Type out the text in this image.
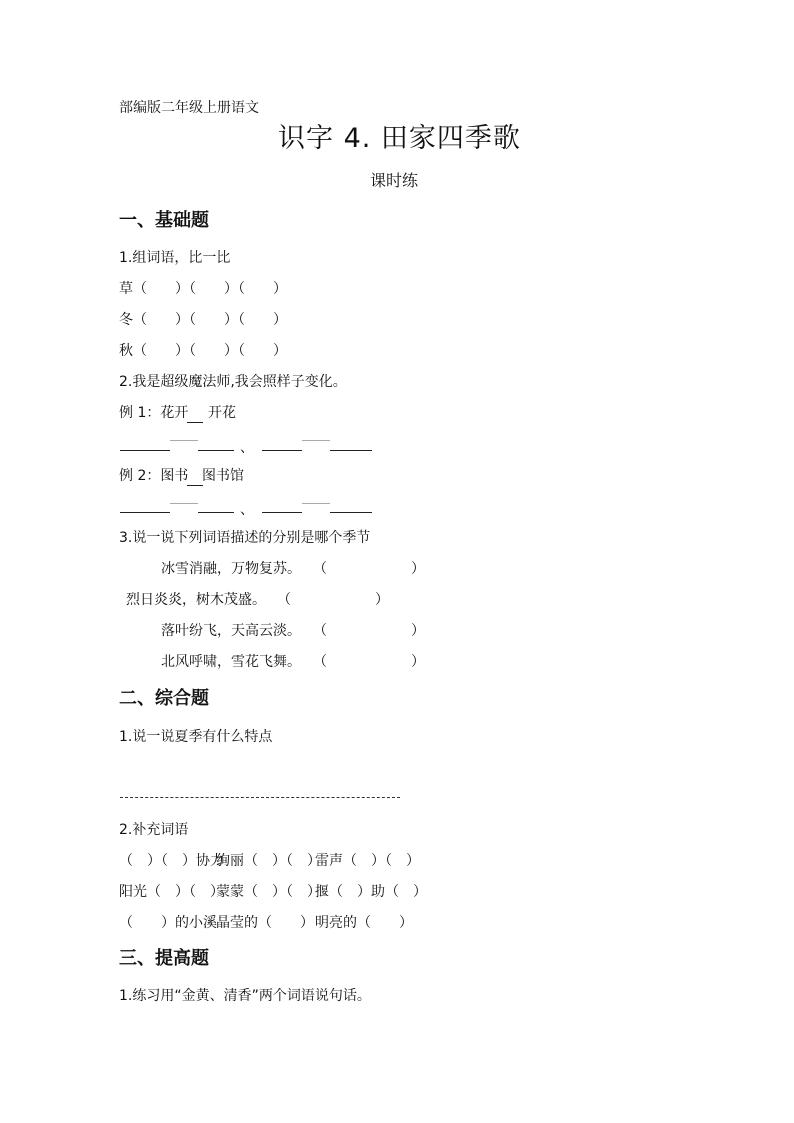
部编版二年级上册语文
识字 4. 田家四季歌
课时练
一、基础题
1.组词语，比一比
草（　　）（　　）（　　）
冬（　　）（　　）（　　）
秋（　　）（　　）（　　）
2.我是超级魔法师,我会照样子变化。
例 1：花开 开花
、
例 2：图书 图书馆
、
3.说一说下列词语描述的分别是哪个季节
冰雪消融，万物复苏。 （　　　　　　）
烈日炎炎，树木茂盛。 （　　　　　　）
落叶纷飞，天高云淡。 （　　　　　　）
北风呼啸，雪花飞舞。 （　　　　　　）
二、综合题
1.说一说夏季有什么特点
2.补充词语
（　）（　）协力
绚丽（　）（　）
雷声（　）（　）
阳光（　）（　）
蒙蒙（　）（　）
揠（　）助（　）
（　　）的小溪 晶莹的（　　） 明亮的（　　）
三、提高题
1.练习用“金黄、清香”两个词语说句话。
